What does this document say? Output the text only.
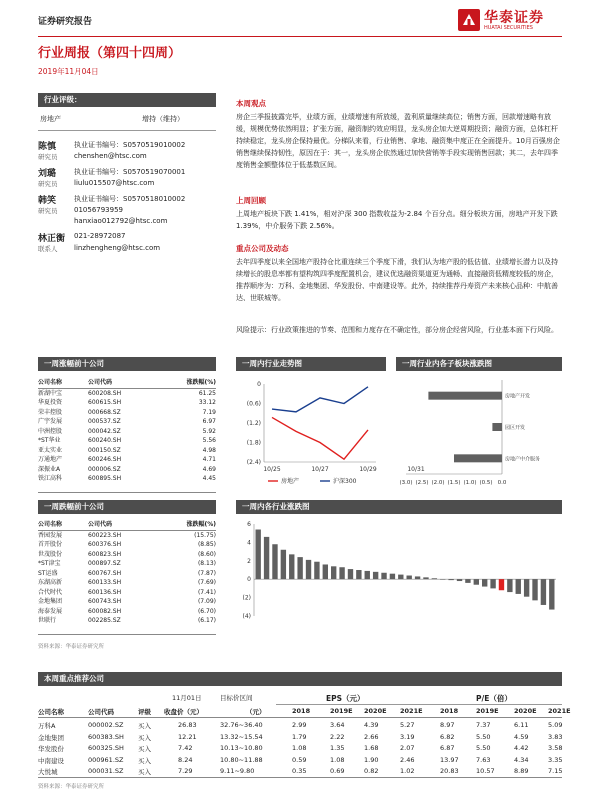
证券研究报告	华泰证券
HUATAI SECURITIES
行业周报（第四十四周）
2019年11月04日
行业评级：
房地产	增持（维持）
陈慎
研究员
执业证书编号：S0570519010002
chenshen@htsc.com
刘璐
研究员
执业证书编号：S0570519070001
liulu015507@htsc.com
韩笑
研究员
执业证书编号：S0570518010002
01056793959
hanxiao012792@htsc.com
林正衡
联系人
021-28972087
linzhengheng@htsc.com
本周观点
房企三季报披露完毕，业绩方面，业绩增速有所放缓，盈利质量继续高位；销售方面，回款增速略有放缓，规模优势依然明显；扩张方面，融资制约效应明显，龙头房企加大逆周期投资；融资方面，总体杠杆持续稳定，龙头房企保持最优。分梯队来看，行业销售、拿地、融资集中度正在全面提升。10月百强房企销售继续保持韧性，原因在于：其一，龙头房企依然通过加快营销等手段实现销售回款；其二，去年四季度销售金额整体位于低基数区间。
上周回顾
上周地产板块下跌 1.41%，相对沪深 300 指数收益为-2.84 个百分点。细分板块方面，房地产开发下跌 1.39%，中介服务下跌 2.56%。
重点公司及动态
去年四季度以来全国地产股持仓比重连续三个季度下滑，我们认为地产股的低估值、业绩增长潜力以及持续增长的股息率都有望构筑四季度配置机会，建议优选融资渠道更为通畅、直接融资低精度较低的房企，推荐顺序为：万科、金地集团、华发股份、中南建设等。此外，持续推荐丹寿资产未来核心品种：中航善达、世联城等。
风险提示：行业政策推进的节奏、范围和力度存在不确定性，部分房企经营风险，行业基本面下行风险。
一周涨幅前十公司
公司名称	公司代码	涨跌幅(%)
新湖中宝	600208.SH	61.25
华夏投资	600615.SH	33.12
荣丰控股	000668.SZ	7.19
广宇发展	000537.SZ	6.97
中洲控股	000042.SZ	5.92
*ST华业	600240.SH	5.56
亚太实业	000150.SZ	4.98
万通地产	600246.SH	4.71
深振业A	000006.SZ	4.69
铁江高科	600895.SH	4.45
一周跌幅前十公司
公司名称	公司代码	涨跌幅(%)
香园发展	600223.SH	(15.75)
首开股份	600376.SH	(8.85)
世茂股份	600823.SH	(8.60)
*ST津宝	000897.SZ	(8.13)
ST运盛	600767.SH	(7.87)
东湖高新	600133.SH	(7.69)
合代时代	600136.SH	(7.41)
金地集团	600743.SH	(7.09)
海泰发展	600082.SH	(6.70)
世联行	002285.SZ	(6.17)
资料来源：华泰证券研究所
一周内行业走势图
0
(0.6)
(1.2)
(1.8)
(2.4)
10/25	10/27	10/29	10/31
房地产	沪深300
一周行业内各子板块涨跌图
(3.0) (2.5) (2.0) (1.5) (1.0) (0.5) 0.0
房地产开发
园区开发
房地产中介服务
一周内各行业涨跌图
6
4
2
0
(2)
(4)
本周重点推荐公司
11月01日	目标价区间	EPS（元）	P/E（倍）
公司名称	公司代码	评级 收盘价（元）	（元）	2018	2019E 2020E 2021E	2018	2019E 2020E 2021E
万科A	000002.SZ 买入	26.83	32.76~36.40	2.99	3.64	4.39	5.27	8.97	7.37	6.11	5.09
金地集团	600383.SH 买入	12.21	13.32~15.54	1.79	2.22	2.66	3.19	6.82	5.50	4.59	3.83
华发股份	600325.SH 买入	7.42	10.13~10.80	1.08	1.35	1.68	2.07	6.87	5.50	4.42	3.58
中南建设	000961.SZ 买入	8.24	10.80~11.88	0.59	1.08	1.90	2.46	13.97	7.63	4.34	3.35
大悦城	000031.SZ 买入	7.29	9.11~9.80	0.35	0.69	0.82	1.02	20.83	10.57	8.89	7.15
资料来源：华泰证券研究所
